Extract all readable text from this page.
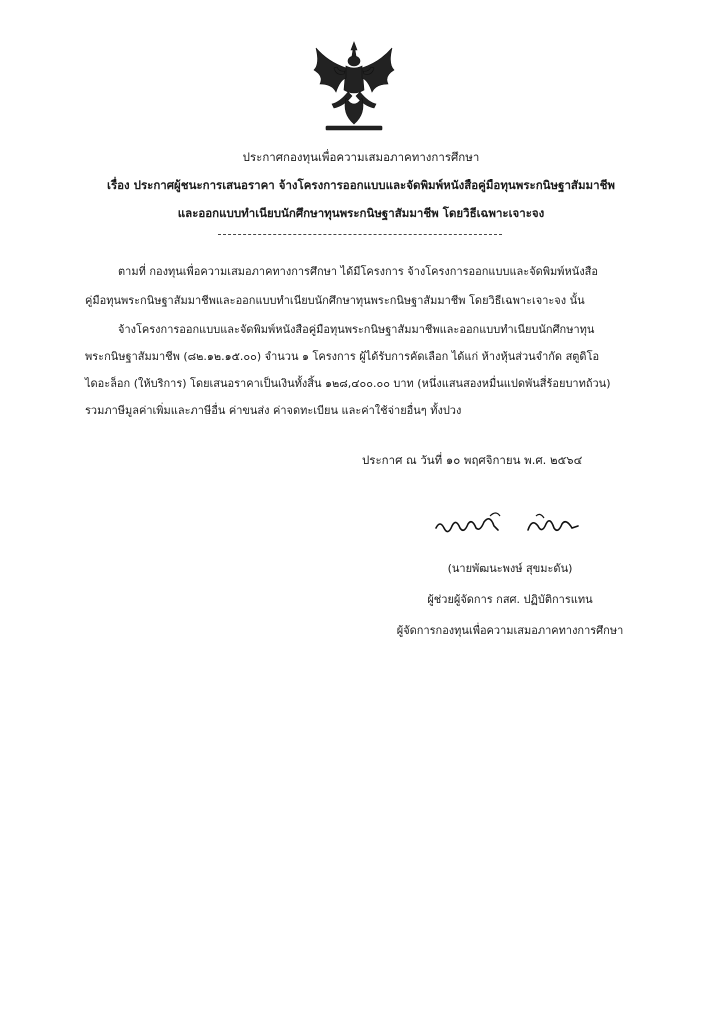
ประกาศกองทุนเพื่อความเสมอภาคทางการศึกษา
เรื่อง ประกาศผู้ชนะการเสนอราคา จ้างโครงการออกแบบและจัดพิมพ์หนังสือคู่มือทุนพระกนิษฐาสัมมาชีพ
และออกแบบทำเนียบนักศึกษาทุนพระกนิษฐาสัมมาชีพ โดยวิธีเฉพาะเจาะจง
ตามที่ กองทุนเพื่อความเสมอภาคทางการศึกษา ได้มีโครงการ จ้างโครงการออกแบบและจัดพิมพ์หนังสือ
คู่มือทุนพระกนิษฐาสัมมาชีพและออกแบบทำเนียบนักศึกษาทุนพระกนิษฐาสัมมาชีพ โดยวิธีเฉพาะเจาะจง นั้น
จ้างโครงการออกแบบและจัดพิมพ์หนังสือคู่มือทุนพระกนิษฐาสัมมาชีพและออกแบบทำเนียบนักศึกษาทุน
พระกนิษฐาสัมมาชีพ (๘๒.๑๒.๑๕.๐๐) จำนวน ๑ โครงการ ผู้ได้รับการคัดเลือก ได้แก่ ห้างหุ้นส่วนจำกัด สตูดิโอ
ไดอะล็อก (ให้บริการ) โดยเสนอราคาเป็นเงินทั้งสิ้น ๑๒๘,๔๐๐.๐๐ บาท (หนึ่งแสนสองหมื่นแปดพันสี่ร้อยบาทถ้วน)
รวมภาษีมูลค่าเพิ่มและภาษีอื่น ค่าขนส่ง ค่าจดทะเบียน และค่าใช้จ่ายอื่นๆ ทั้งปวง
ประกาศ ณ วันที่ ๑๐ พฤศจิกายน พ.ศ. ๒๕๖๔
(นายพัฒนะพงษ์ สุขมะดัน)
ผู้ช่วยผู้จัดการ กสศ. ปฏิบัติการแทน
ผู้จัดการกองทุนเพื่อความเสมอภาคทางการศึกษา
